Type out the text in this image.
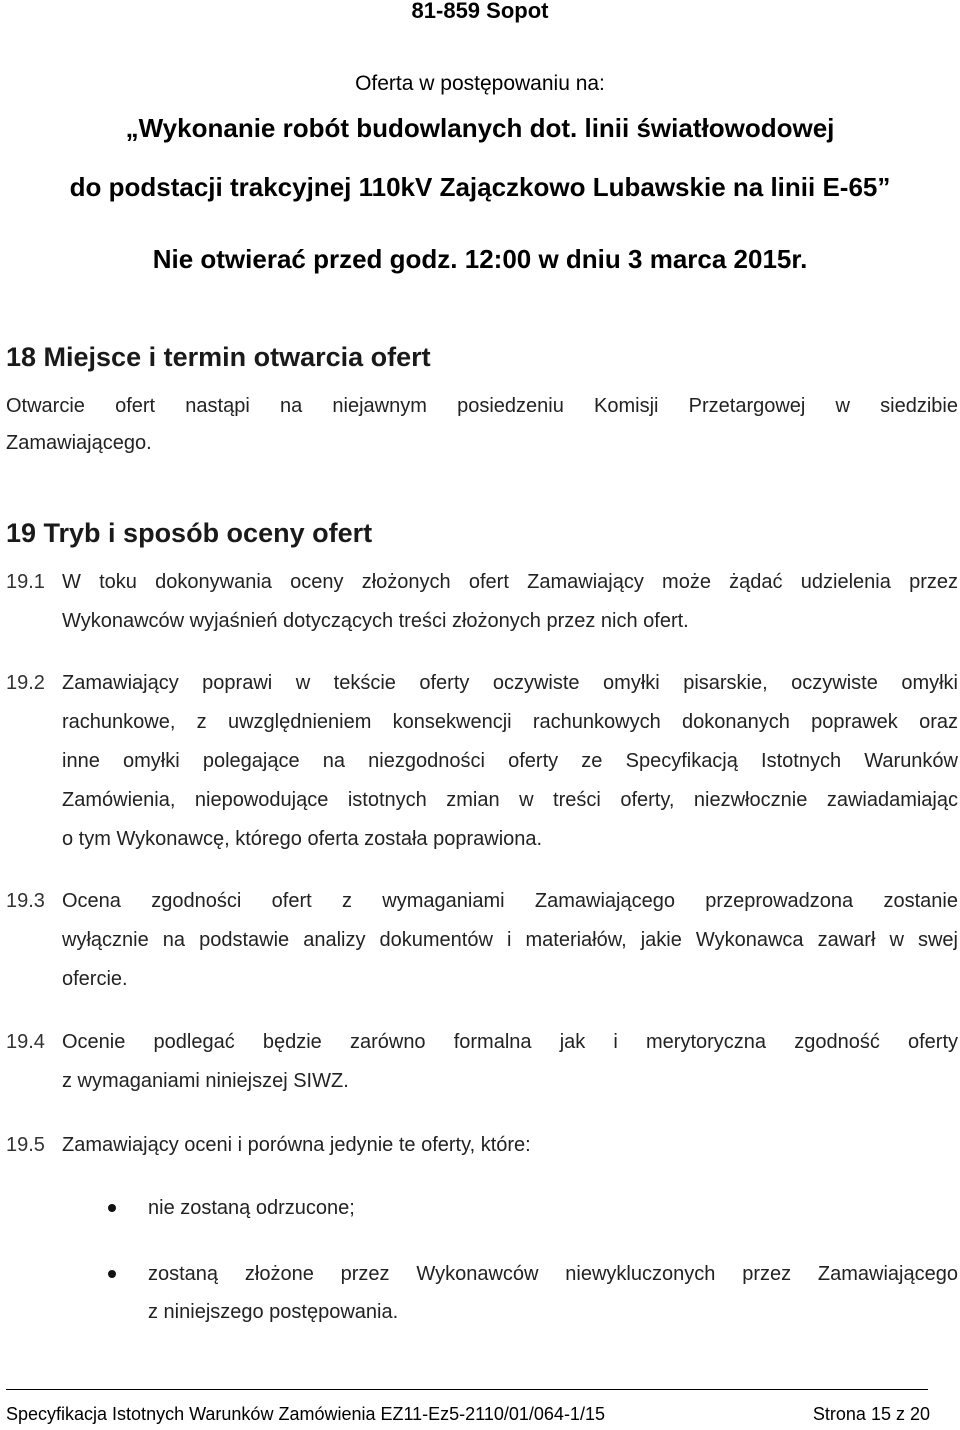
81-859 Sopot

Oferta w postępowaniu na:

„Wykonanie robót budowlanych dot. linii światłowodowej

do podstacji trakcyjnej 110kV Zajączkowo Lubawskie na linii E-65”

Nie otwierać przed godz. 12:00 w dniu 3 marca 2015r.

18 Miejsce i termin otwarcia ofert

Otwarcie ofert nastąpi na niejawnym posiedzeniu Komisji Przetargowej w siedzibie

Zamawiającego.

19 Tryb i sposób oceny ofert

19.1 W toku dokonywania oceny złożonych ofert Zamawiający może żądać udzielenia przez
Wykonawców wyjaśnień dotyczących treści złożonych przez nich ofert.
19.2 Zamawiający poprawi w tekście oferty oczywiste omyłki pisarskie, oczywiste omyłki
rachunkowe, z uwzględnieniem konsekwencji rachunkowych dokonanych poprawek oraz
inne omyłki polegające na niezgodności oferty ze Specyfikacją Istotnych Warunków
Zamówienia, niepowodujące istotnych zmian w treści oferty, niezwłocznie zawiadamiając
o tym Wykonawcę, którego oferta została poprawiona.
19.3 Ocena zgodności ofert z wymaganiami Zamawiającego przeprowadzona zostanie
wyłącznie na podstawie analizy dokumentów i materiałów, jakie Wykonawca zawarł w swej
ofercie.
19.4 Ocenie podlegać będzie zarówno formalna jak i merytoryczna zgodność oferty
z wymaganiami niniejszej SIWZ.
19.5 Zamawiający oceni i porówna jedynie te oferty, które:
nie zostaną odrzucone;
zostaną złożone przez Wykonawców niewykluczonych przez Zamawiającego
z niniejszego postępowania.

Specyfikacja Istotnych Warunków Zamówienia EZ11-Ez5-2110/01/064-1/15	Strona 15 z 20
